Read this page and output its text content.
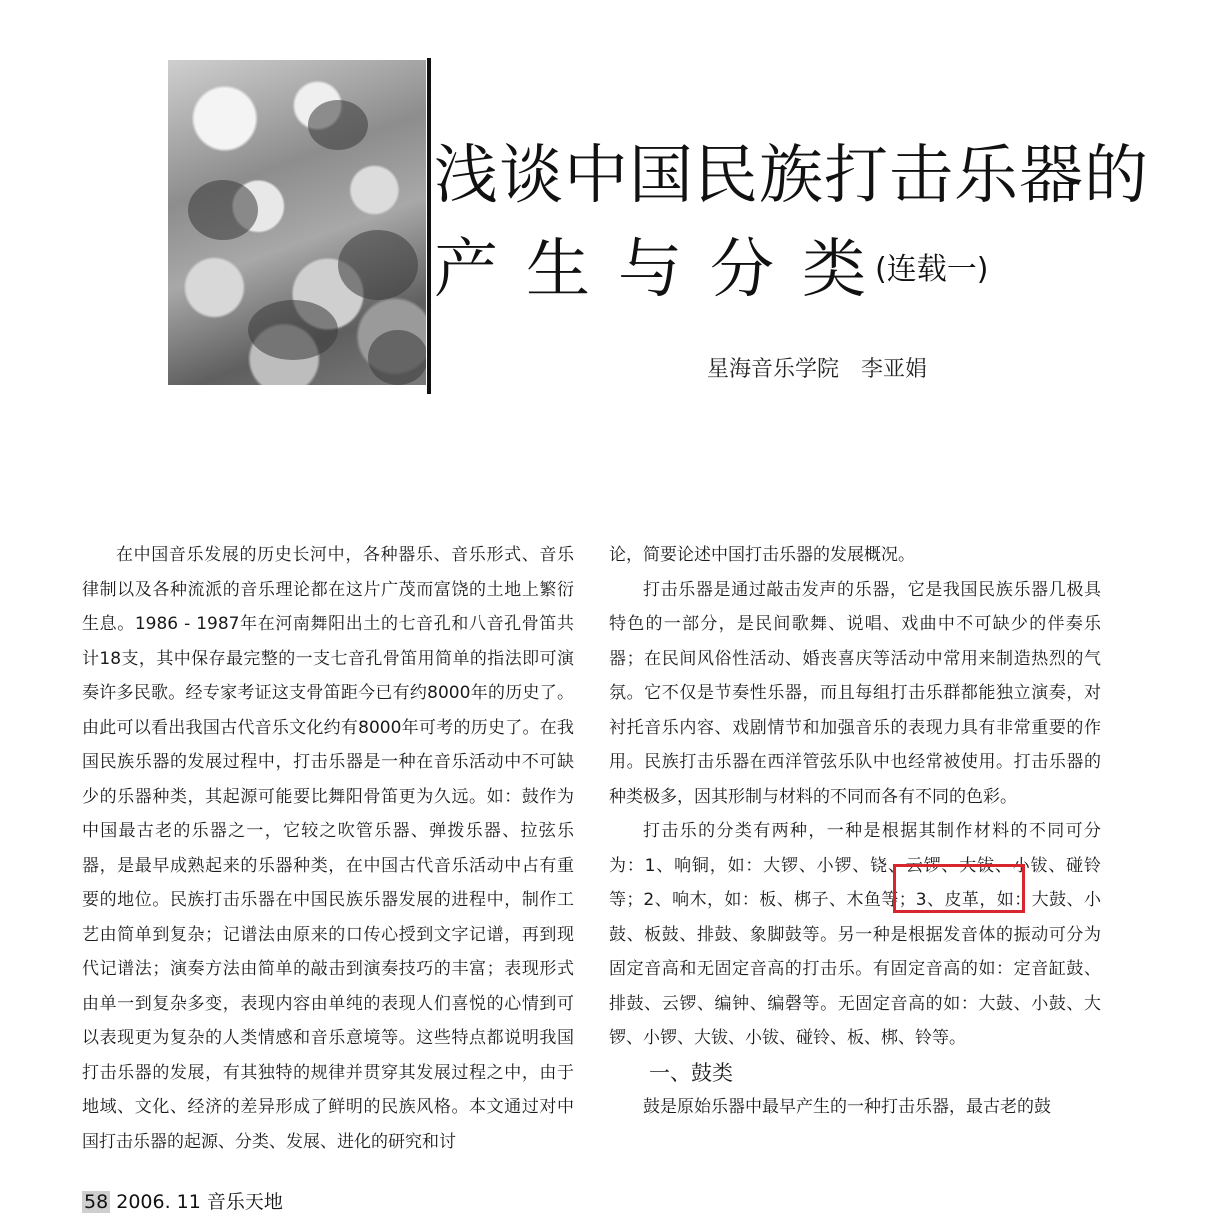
浅谈中国民族打击乐器的
产生与分类
(连载一)
星海音乐学院　李亚娟

在中国音乐发展的历史长河中，各种器乐、音乐形式、音乐律制以及各种流派的音乐理论都在这片广茂而富饶的土地上繁衍生息。1986 - 1987年在河南舞阳出土的七音孔和八音孔骨笛共计18支，其中保存最完整的一支七音孔骨笛用简单的指法即可演奏许多民歌。经专家考证这支骨笛距今已有约8000年的历史了。由此可以看出我国古代音乐文化约有8000年可考的历史了。在我国民族乐器的发展过程中，打击乐器是一种在音乐活动中不可缺少的乐器种类，其起源可能要比舞阳骨笛更为久远。如：鼓作为中国最古老的乐器之一，它较之吹管乐器、弹拨乐器、拉弦乐器，是最早成熟起来的乐器种类，在中国古代音乐活动中占有重要的地位。民族打击乐器在中国民族乐器发展的进程中，制作工艺由简单到复杂；记谱法由原来的口传心授到文字记谱，再到现代记谱法；演奏方法由简单的敲击到演奏技巧的丰富；表现形式由单一到复杂多变，表现内容由单纯的表现人们喜悦的心情到可以表现更为复杂的人类情感和音乐意境等。这些特点都说明我国打击乐器的发展，有其独特的规律并贯穿其发展过程之中，由于地域、文化、经济的差异形成了鲜明的民族风格。本文通过对中国打击乐器的起源、分类、发展、进化的研究和讨

论，简要论述中国打击乐器的发展概况。

打击乐器是通过敲击发声的乐器，它是我国民族乐器几极具特色的一部分，是民间歌舞、说唱、戏曲中不可缺少的伴奏乐器；在民间风俗性活动、婚丧喜庆等活动中常用来制造热烈的气氛。它不仅是节奏性乐器，而且每组打击乐群都能独立演奏，对衬托音乐内容、戏剧情节和加强音乐的表现力具有非常重要的作用。民族打击乐器在西洋管弦乐队中也经常被使用。打击乐器的种类极多，因其形制与材料的不同而各有不同的色彩。

打击乐的分类有两种，一种是根据其制作材料的不同可分为：1、响铜，如：大锣、小锣、铙、云锣、大钹、小钹、碰铃等；2、响木，如：板、梆子、木鱼等；3、皮革，如：大鼓、小鼓、板鼓、排鼓、象脚鼓等。另一种是根据发音体的振动可分为固定音高和无固定音高的打击乐。有固定音高的如：定音缸鼓、排鼓、云锣、编钟、编磬等。无固定音高的如：大鼓、小鼓、大锣、小锣、大钹、小钹、碰铃、板、梆、铃等。

一、鼓类

鼓是原始乐器中最早产生的一种打击乐器，最古老的鼓

58 2006. 11 音乐天地
